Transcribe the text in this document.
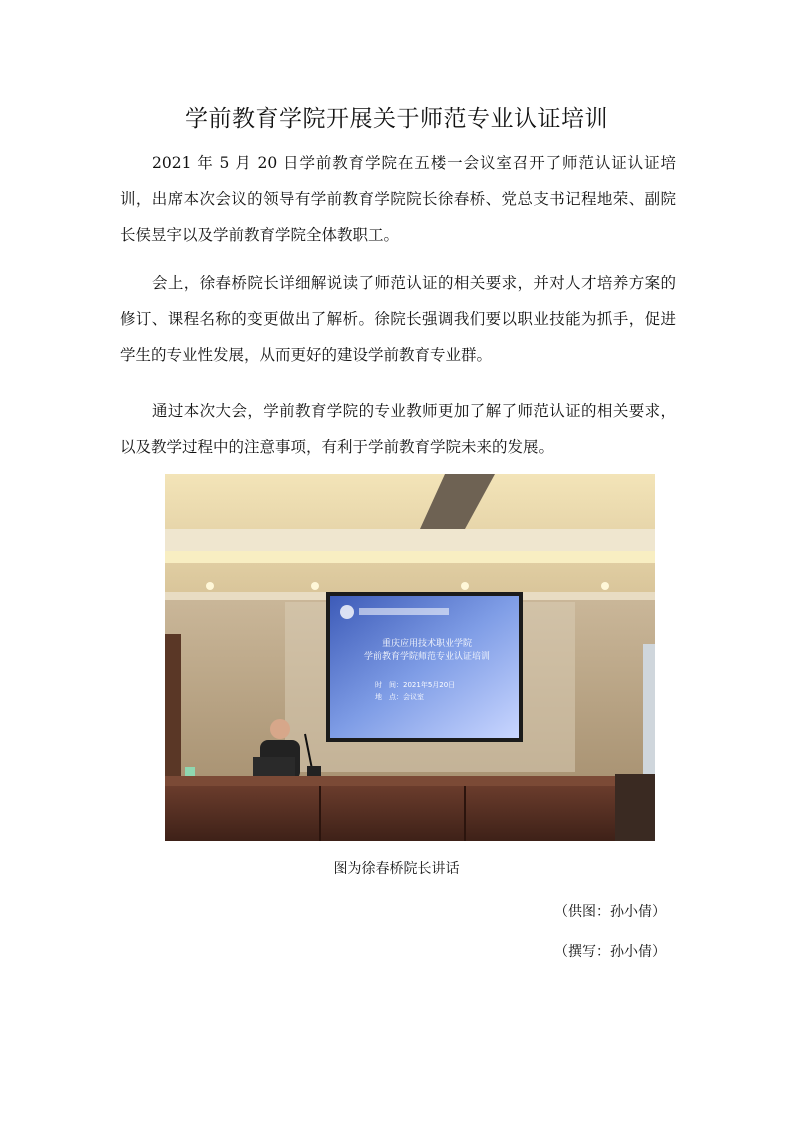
学前教育学院开展关于师范专业认证培训

2021 年 5 月 20 日学前教育学院在五楼一会议室召开了师范认证认证培训，出席本次会议的领导有学前教育学院院长徐春桥、党总支书记程地荣、副院长侯昱宇以及学前教育学院全体教职工。

会上，徐春桥院长详细解说读了师范认证的相关要求，并对人才培养方案的修订、课程名称的变更做出了解析。徐院长强调我们要以职业技能为抓手，促进学生的专业性发展，从而更好的建设学前教育专业群。

通过本次大会，学前教育学院的专业教师更加了解了师范认证的相关要求，以及教学过程中的注意事项，有利于学前教育学院未来的发展。

重庆应用技术职业学院
学前教育学院师范专业认证培训
时　间：2021年5月20日
地　点：会议室
图为徐春桥院长讲话
（供图：孙小倩）
（撰写：孙小倩）
